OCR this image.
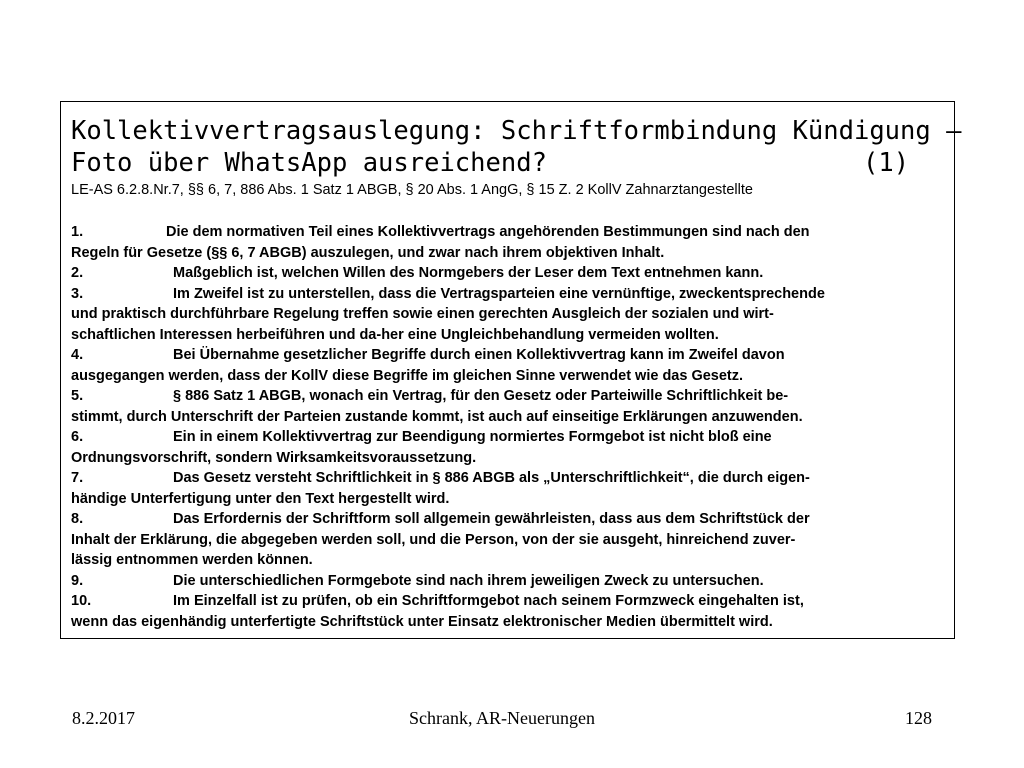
Kollektivvertragsauslegung: Schriftformbindung Kündigung –
Foto über WhatsApp ausreichend?	(1)
LE-AS 6.2.8.Nr.7, §§ 6, 7, 886 Abs. 1 Satz 1 ABGB, § 20 Abs. 1 AngG, § 15 Z. 2 KollV Zahnarztangestellte
1.	Die dem normativen Teil eines Kollektivvertrags angehörenden Bestimmungen sind nach den
Regeln für Gesetze (§§ 6, 7 ABGB) auszulegen, und zwar nach ihrem objektiven Inhalt.
2.	Maßgeblich ist, welchen Willen des Normgebers der Leser dem Text entnehmen kann.
3.	Im Zweifel ist zu unterstellen, dass die Vertragsparteien eine vernünftige, zweckentsprechende
und praktisch durchführbare Regelung treffen sowie einen gerechten Ausgleich der sozialen und wirt-
schaftlichen Interessen herbeiführen und da-her eine Ungleichbehandlung vermeiden wollten.
4.	Bei Übernahme gesetzlicher Begriffe durch einen Kollektivvertrag kann im Zweifel davon
ausgegangen werden, dass der KollV diese Begriffe im gleichen Sinne verwendet wie das Gesetz.
5.	§ 886 Satz 1 ABGB, wonach ein Vertrag, für den Gesetz oder Parteiwille Schriftlichkeit be-
stimmt, durch Unterschrift der Parteien zustande kommt, ist auch auf einseitige Erklärungen anzuwenden.
6.	Ein in einem Kollektivvertrag zur Beendigung normiertes Formgebot ist nicht bloß eine
Ordnungsvorschrift, sondern Wirksamkeitsvoraussetzung.
7.	Das Gesetz versteht Schriftlichkeit in § 886 ABGB als „Unterschriftlichkeit“, die durch eigen-
händige Unterfertigung unter den Text hergestellt wird.
8.	Das Erfordernis der Schriftform soll allgemein gewährleisten, dass aus dem Schriftstück der
Inhalt der Erklärung, die abgegeben werden soll, und die Person, von der sie ausgeht, hinreichend zuver-
lässig entnommen werden können.
9.	Die unterschiedlichen Formgebote sind nach ihrem jeweiligen Zweck zu untersuchen.
10.	Im Einzelfall ist zu prüfen, ob ein Schriftformgebot nach seinem Formzweck eingehalten ist,
wenn das eigenhändig unterfertigte Schriftstück unter Einsatz elektronischer Medien übermittelt wird.
8.2.2017	Schrank, AR-Neuerungen	128
